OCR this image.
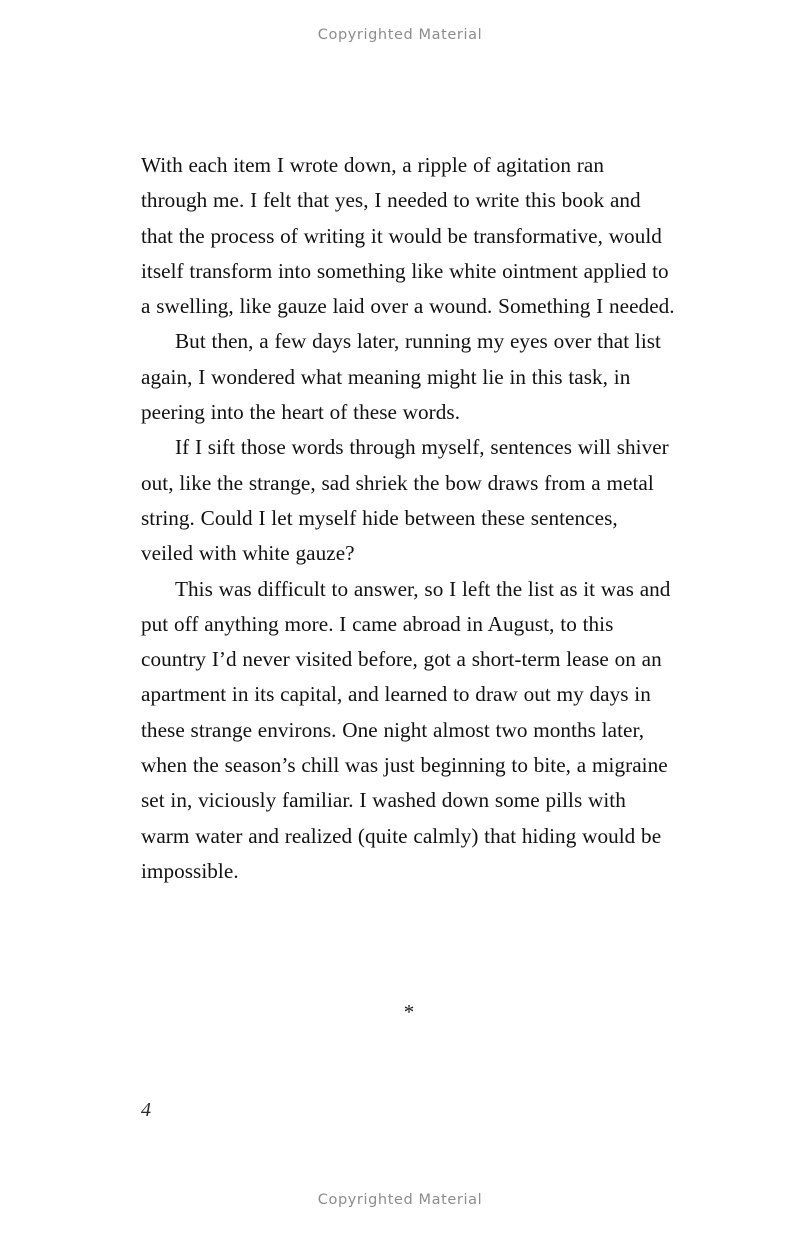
Copyrighted Material

With each item I wrote down, a ripple of agitation ran through me. I felt that yes, I needed to write this book and that the process of writing it would be transformative, would itself transform into something like white ointment applied to a swelling, like gauze laid over a wound. Something I needed.

But then, a few days later, running my eyes over that list again, I wondered what meaning might lie in this task, in peering into the heart of these words.

If I sift those words through myself, sentences will shiver out, like the strange, sad shriek the bow draws from a metal string. Could I let myself hide between these sentences, veiled with white gauze?

This was difficult to answer, so I left the list as it was and put off anything more. I came abroad in August, to this country I’d never visited before, got a short-term lease on an apartment in its capital, and learned to draw out my days in these strange environs. One night almost two months later, when the season’s chill was just beginning to bite, a migraine set in, viciously familiar. I washed down some pills with warm water and realized (quite calmly) that hiding would be impossible.

*
4
Copyrighted Material
